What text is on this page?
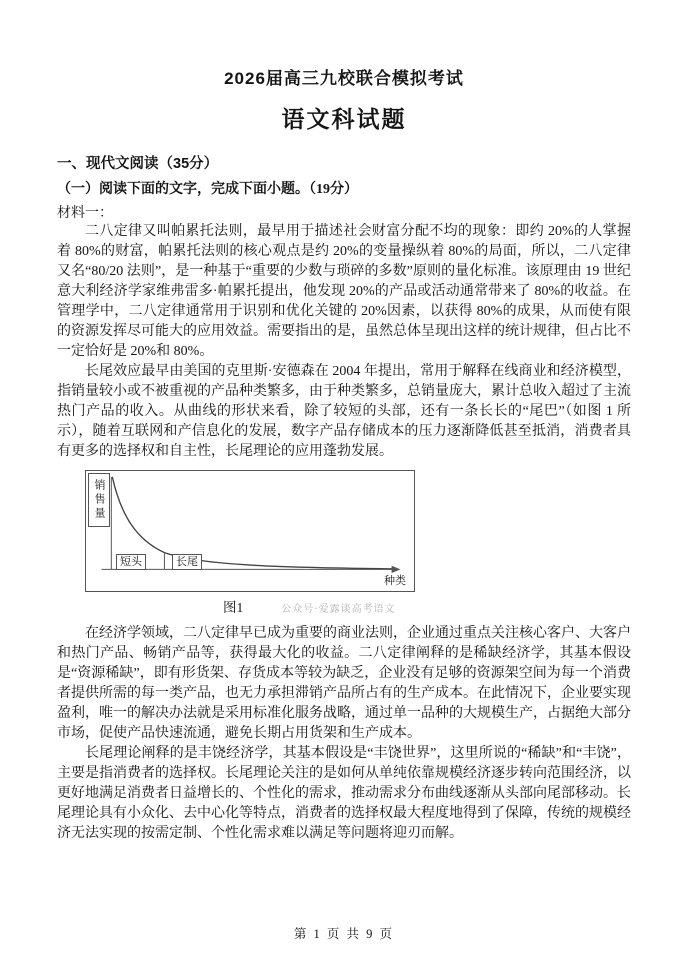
2026届高三九校联合模拟考试
语文科试题
一、现代文阅读（35分）
（一）阅读下面的文字，完成下面小题。（19分）
材料一：

二八定律又叫帕累托法则，最早用于描述社会财富分配不均的现象：即约 20%的人掌握着 80%的财富，帕累托法则的核心观点是约 20%的变量操纵着 80%的局面，所以，二八定律又名“80/20 法则”，是一种基于“重要的少数与琐碎的多数”原则的量化标准。该原理由 19 世纪意大利经济学家维弗雷多·帕累托提出，他发现 20%的产品或活动通常带来了 80%的收益。在管理学中，二八定律通常用于识别和优化关键的 20%因素，以获得 80%的成果，从而使有限的资源发挥尽可能大的应用效益。需要指出的是，虽然总体呈现出这样的统计规律，但占比不一定恰好是 20%和 80%。

长尾效应最早由美国的克里斯·安德森在 2004 年提出，常用于解释在线商业和经济模型，指销量较小或不被重视的产品种类繁多，由于种类繁多，总销量庞大，累计总收入超过了主流热门产品的收入。从曲线的形状来看，除了较短的头部，还有一条长长的“尾巴”（如图 1 所示），随着互联网和产信息化的发展，数字产品存储成本的压力逐渐降低甚至抵消，消费者具有更多的选择权和自主性，长尾理论的应用蓬勃发展。

销售量
短头	长尾
种类
图1	公众号·爱露谈高考语文

在经济学领域，二八定律早已成为重要的商业法则，企业通过重点关注核心客户、大客户和热门产品、畅销产品等，获得最大化的收益。二八定律阐释的是稀缺经济学，其基本假设是“资源稀缺”，即有形货架、存货成本等较为缺乏，企业没有足够的资源架空间为每一个消费者提供所需的每一类产品，也无力承担滞销产品所占有的生产成本。在此情况下，企业要实现盈利，唯一的解决办法就是采用标准化服务战略，通过单一品种的大规模生产，占据绝大部分市场，促使产品快速流通，避免长期占用货架和生产成本。

长尾理论阐释的是丰饶经济学，其基本假设是“丰饶世界”，这里所说的“稀缺”和“丰饶”，主要是指消费者的选择权。长尾理论关注的是如何从单纯依靠规模经济逐步转向范围经济，以更好地满足消费者日益增长的、个性化的需求，推动需求分布曲线逐渐从头部向尾部移动。长尾理论具有小众化、去中心化等特点，消费者的选择权最大程度地得到了保障，传统的规模经济无法实现的按需定制、个性化需求难以满足等问题将迎刃而解。

第 1 页 共 9 页
